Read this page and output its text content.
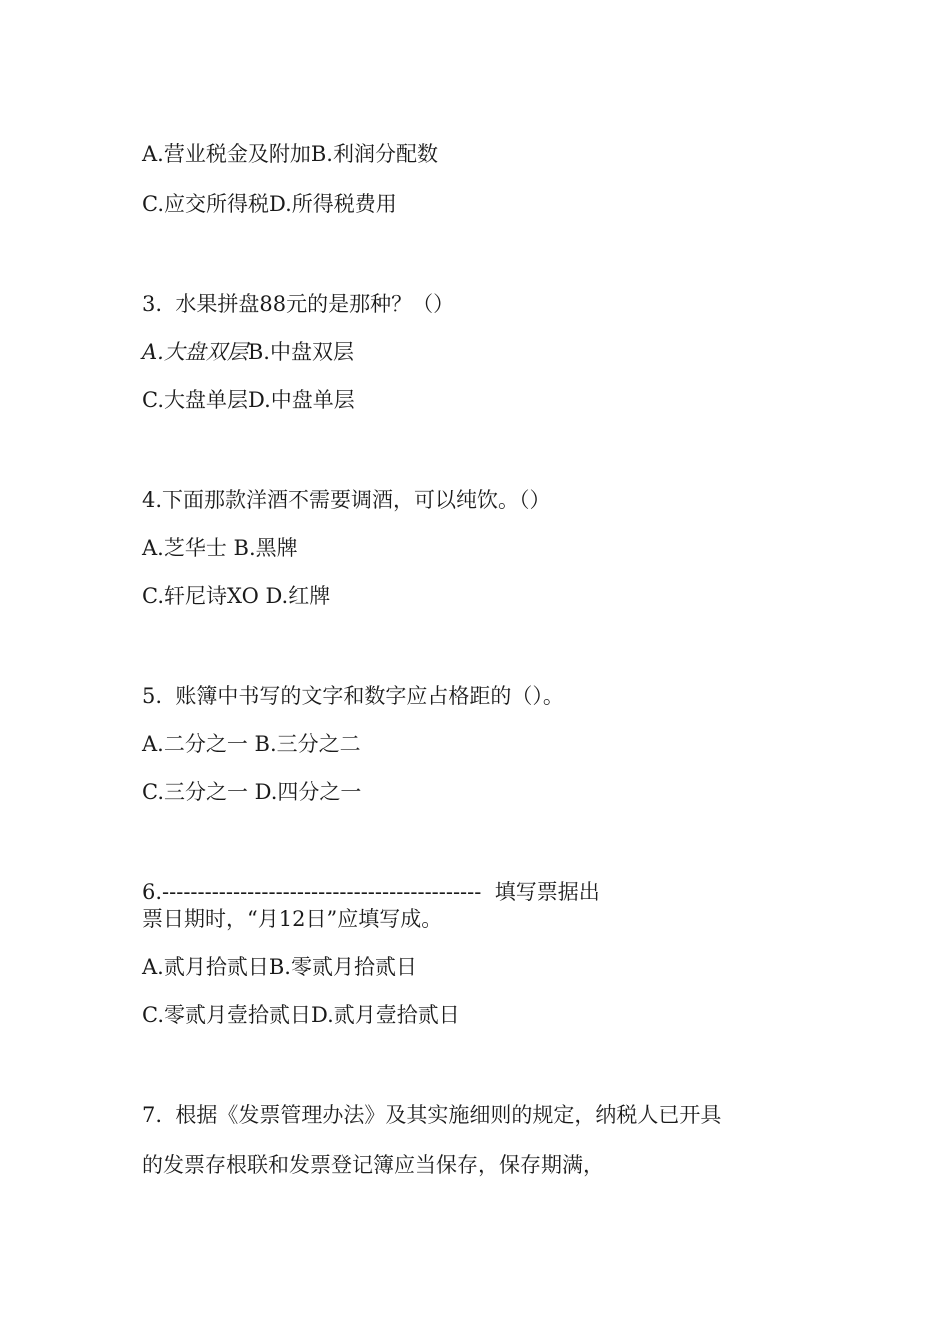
A.营业税金及附加B.利润分配数

C.应交所得税D.所得税费用

3.  水果拼盘88元的是那种？（）

A.大盘双层B.中盘双层

C.大盘单层D.中盘单层

4.下面那款洋酒不需要调酒，可以纯饮。（）

A.芝华士 B.黑牌

C.轩尼诗XO D.红牌

5.  账簿中书写的文字和数字应占格距的（）。

A.二分之一 B.三分之二

C.三分之一 D.四分之一

6.---------------------------------------------  填写票据出

票日期时，“月12日”应填写成。

A.贰月拾贰日B.零贰月拾贰日

C.零贰月壹拾贰日D.贰月壹拾贰日

7.  根据《发票管理办法》及其实施细则的规定，纳税人已开具

的发票存根联和发票登记簿应当保存，保存期满，
